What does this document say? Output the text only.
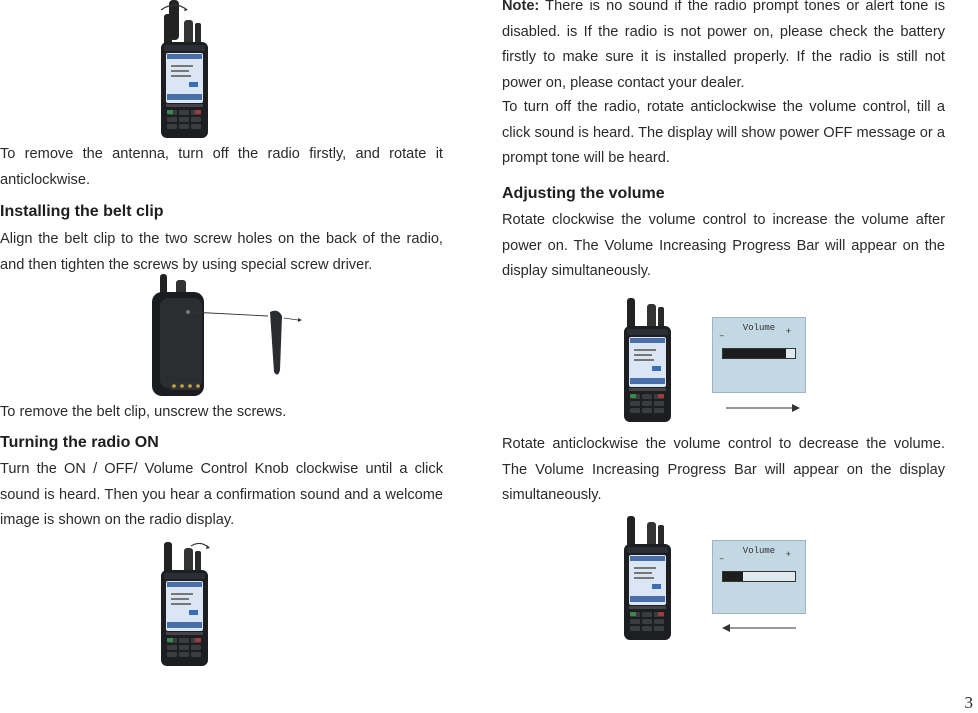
To remove the antenna, turn off the radio firstly, and rotate it anticlockwise.

Installing the belt clip

Align the belt clip to the two screw holes on the back of the radio, and then tighten the screws by using special screw driver.

To remove the belt clip, unscrew the screws.

Turning the radio ON

Turn the ON / OFF/ Volume Control Knob clockwise until a click sound is heard. Then you hear a confirmation sound and a welcome image is shown on the radio display.

Note: There is no sound if the radio prompt tones or alert tone is disabled. is If the radio is not power on, please check the battery firstly to make sure it is installed properly. If the radio is still not power on, please contact your dealer.

To turn off the radio, rotate anticlockwise the volume control, till a click sound is heard. The display will show power OFF message or a prompt tone will be heard.

Adjusting the volume

Rotate clockwise the volume control to increase the volume after power on. The Volume Increasing Progress Bar will appear on the display simultaneously.

Volume
–	+

Rotate anticlockwise the volume control to decrease the volume. The Volume Increasing Progress Bar will appear on the display simultaneously.

Volume
–	+
3
